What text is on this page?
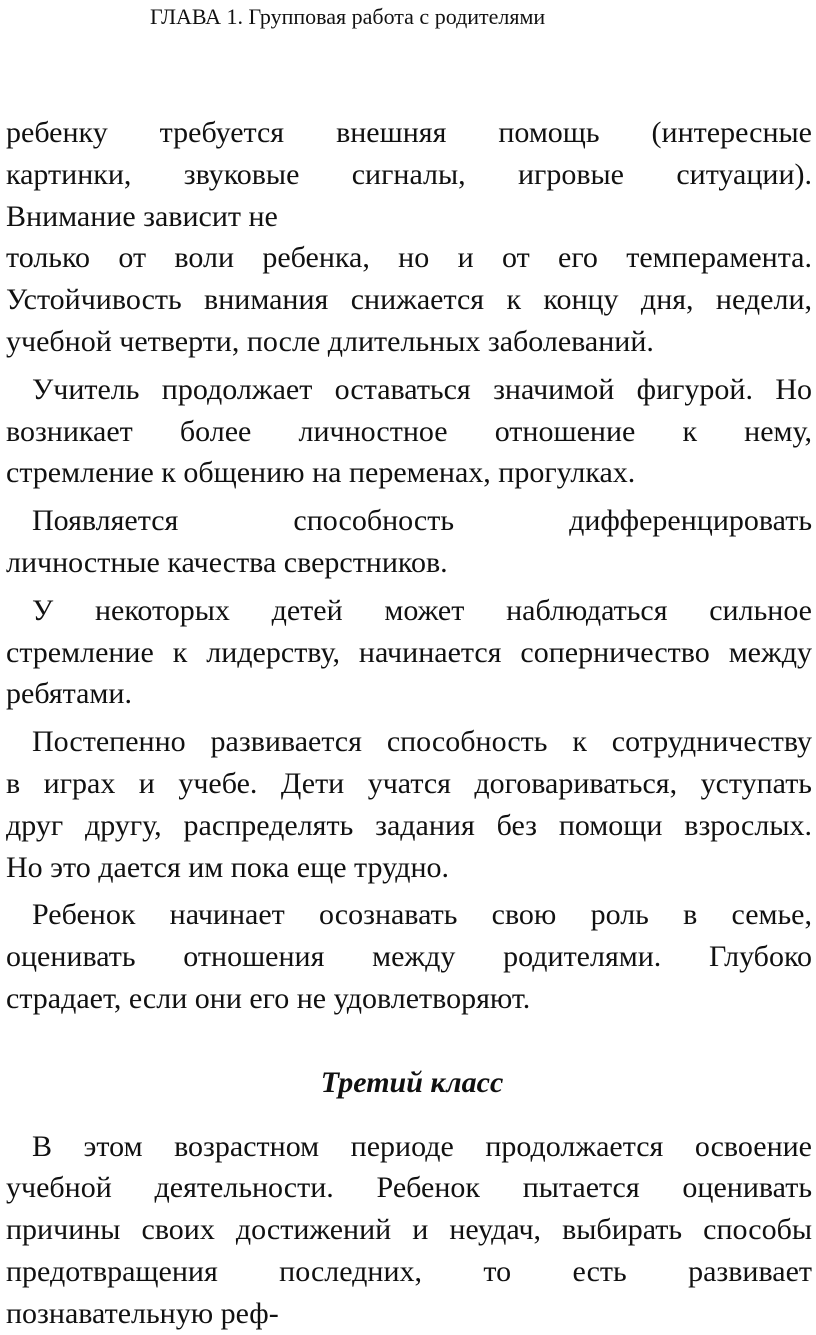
ГЛАВА 1. Групповая работа с родителями
ребенку требуется внешняя помощь (интересные
картинки, звуковые сигналы, игровые ситуации).
Внимание зависит не
только от воли ребенка, но и от его темперамента.
Устойчивость внимания снижается к концу дня, недели,
учебной четверти, после длительных заболеваний.
Учитель продолжает оставаться значимой фигурой. Но
возникает более личностное отношение к нему,
стремление к общению на переменах, прогулках.
Появляется способность дифференцировать
личностные качества сверстников.
У некоторых детей может наблюдаться сильное
стремление к лидерству, начинается соперничество между
ребятами.
Постепенно развивается способность к сотрудничеству
в играх и учебе. Дети учатся договариваться, уступать
друг другу, распределять задания без помощи взрослых.
Но это дается им пока еще трудно.
Ребенок начинает осознавать свою роль в семье,
оценивать отношения между родителями. Глубоко
страдает, если они его не удовлетворяют.
Третий класс
В этом возрастном периоде продолжается освоение
учебной деятельности. Ребенок пытается оценивать
причины своих достижений и неудач, выбирать способы
предотвращения последних, то есть развивает
познавательную реф-
